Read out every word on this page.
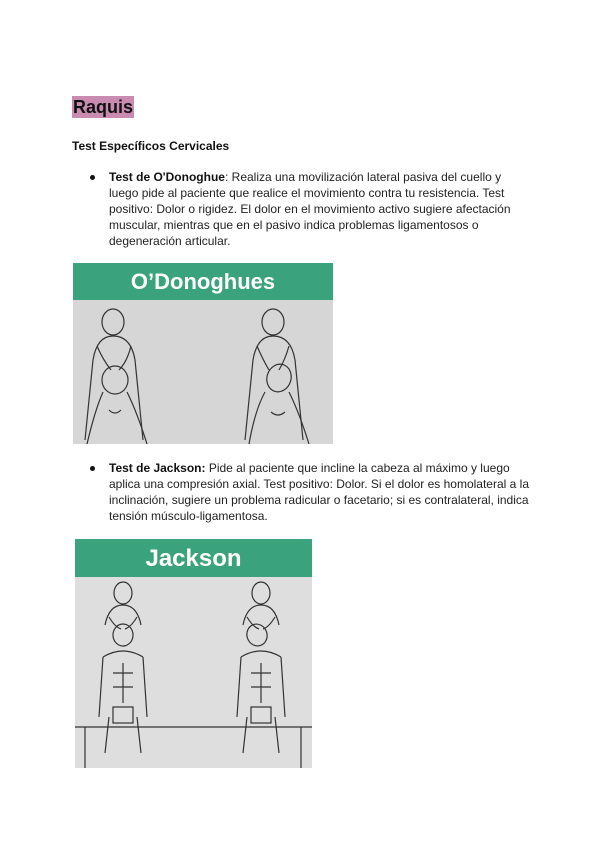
Raquis
Test Específicos Cervicales
Test de O'Donoghue: Realiza una movilización lateral pasiva del cuello y luego pide al paciente que realice el movimiento contra tu resistencia. Test positivo: Dolor o rigidez. El dolor en el movimiento activo sugiere afectación muscular, mientras que en el pasivo indica problemas ligamentosos o degeneración articular.
O’Donoghues
Test de Jackson: Pide al paciente que incline la cabeza al máximo y luego aplica una compresión axial. Test positivo: Dolor. Si el dolor es homolateral a la inclinación, sugiere un problema radicular o facetario; si es contralateral, indica tensión músculo-ligamentosa.
Jackson
